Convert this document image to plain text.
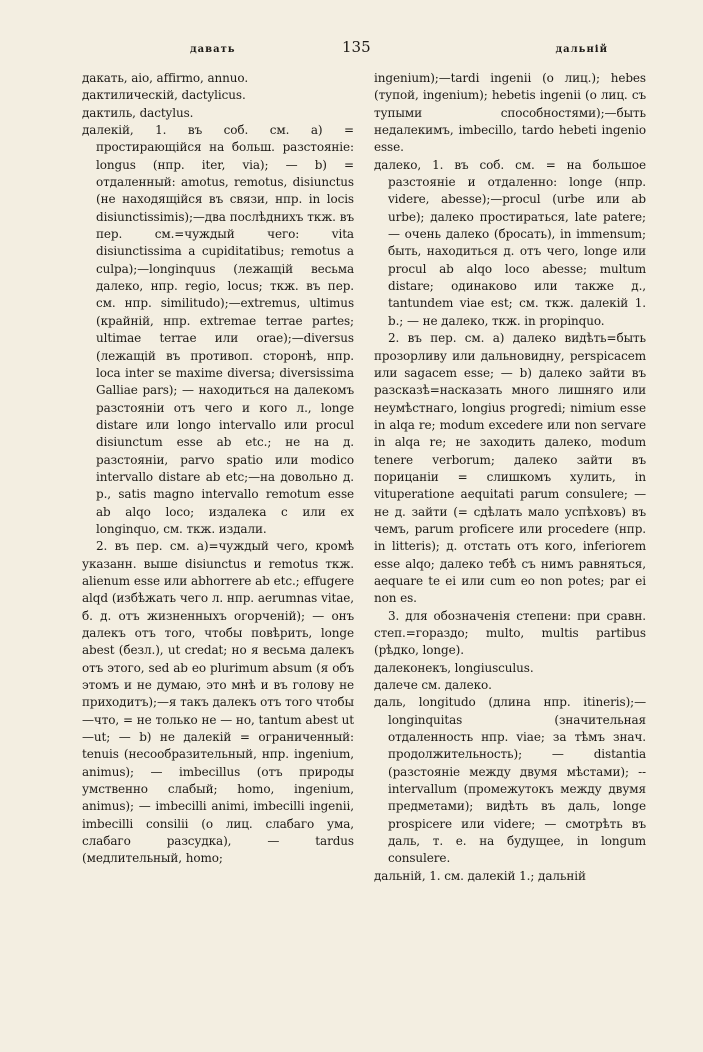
давать	135	дальній

дакать, aio, affirmo, annuo.

дактилическій, dactylicus.

дактиль, dactylus.

далекій, 1. въ соб. см. а) = простирающійся на больш. разстояніе: longus (нпр. iter, via); — b) = отдаленный: amotus, remotus, disiunctus (не находящійся въ связи, нпр. in locis disiunctissimis);—два послѣднихъ ткж. въ пер. см.=чуждый чего: vita disiunctissima a cupiditatibus; remotus a culpa);—longinquus (лежащій весьма далеко, нпр. regio, locus; ткж. въ пер. см. нпр. similitudo);—extremus, ultimus (крайній, нпр. extremae terrae partes; ultimae terrae или orae);—diversus (лежащій въ противоп. сторонѣ, нпр. loca inter se maxime diversa; diversissima Galliae pars); — находиться на далекомъ разстояніи отъ чего и кого л., longe distare или longo intervallo или procul disiunctum esse ab etc.; не на д. разстояніи, parvo spatio или modico intervallo distare ab etc;—на довольно д. р., satis magno intervallo remotum esse ab alqo loco; издалека с или ex longinquo, см. ткж. издали.

2. въ пер. см. а)=чуждый чего, кромѣ указанн. выше disiunctus и remotus ткж. alienum esse или abhorrere ab etc.; effugere alqd (избѣжать чего л. нпр. aerumnas vitae, б. д. отъ жизненныхъ огорченій); — онъ далекъ отъ того, чтобы повѣрить, longe abest (безл.), ut credat; но я весьма далекъ отъ этого, sed ab eo plurimum absum (я объ этомъ и не думаю, это мнѣ и въ голову не приходитъ);—я такъ далекъ отъ того чтобы—что, = не только не — но, tantum abest ut —ut; — b) не далекій = ограниченный: tenuis (несообразительный, нпр. ingenium, animus); — imbecillus (отъ природы умственно слабый; homo, ingenium, animus); — imbecilli animi, imbecilli ingenii, imbecilli consilii (о лиц. слабаго ума, слабаго разсудка), — tardus (медлительный, homo;

ingenium);—tardi ingenii (о лиц.); hebes (тупой, ingenium); hebetis ingenii (о лиц. съ тупыми способностями);—быть недалекимъ, imbecillo, tardo hebeti ingenio esse.

далеко, 1. въ соб. см. = на большое разстояніе и отдаленно: longe (нпр. videre, abesse);—procul (urbe или ab urbe); далеко простираться, late patere; — очень далеко (бросать), in immensum; быть, находиться д. отъ чего, longe или procul ab alqo loco abesse; multum distare; одинаково или также д., tantundem viae est; см. ткж. далекій 1. b.; — не далеко, ткж. in propinquo.

2. въ пер. см. а) далеко видѣть=быть прозорливу или дальновидну, perspicacem или sagacem esse; — b) далеко зайти въ разсказѣ=насказать много лишняго или неумѣстнаго, longius progredi; nimium esse in alqa re; modum excedere или non servare in alqa re; не заходить далеко, modum tenere verborum; далеко зайти въ порицаніи = слишкомъ хулить, in vituperatione aequitati parum consulere; — не д. зайти (= сдѣлать мало успѣховъ) въ чемъ, parum proficere или procedere (нпр. in litteris); д. отстать отъ кого, inferiorem esse alqo; далеко тебѣ съ нимъ равняться, aequare te ei или cum eo non potes; par ei non es.

3. для обозначенія степени: при сравн. степ.=гораздо; multo, multis partibus (рѣдко, longe).

далеконекъ, longiusculus.

далече см. далеко.

даль, longitudo (длина нпр. itineris);—longinquitas (значительная отдаленность нпр. viae; за тѣмъ знач. продолжительность); — distantia (разстояніе между двумя мѣстами); -- intervallum (промежутокъ между двумя предметами); видѣть въ даль, longe prospicere или videre; — смотрѣть въ даль, т. е. на будущее, in longum consulere.

дальній, 1. см. далекій 1.; дальній
